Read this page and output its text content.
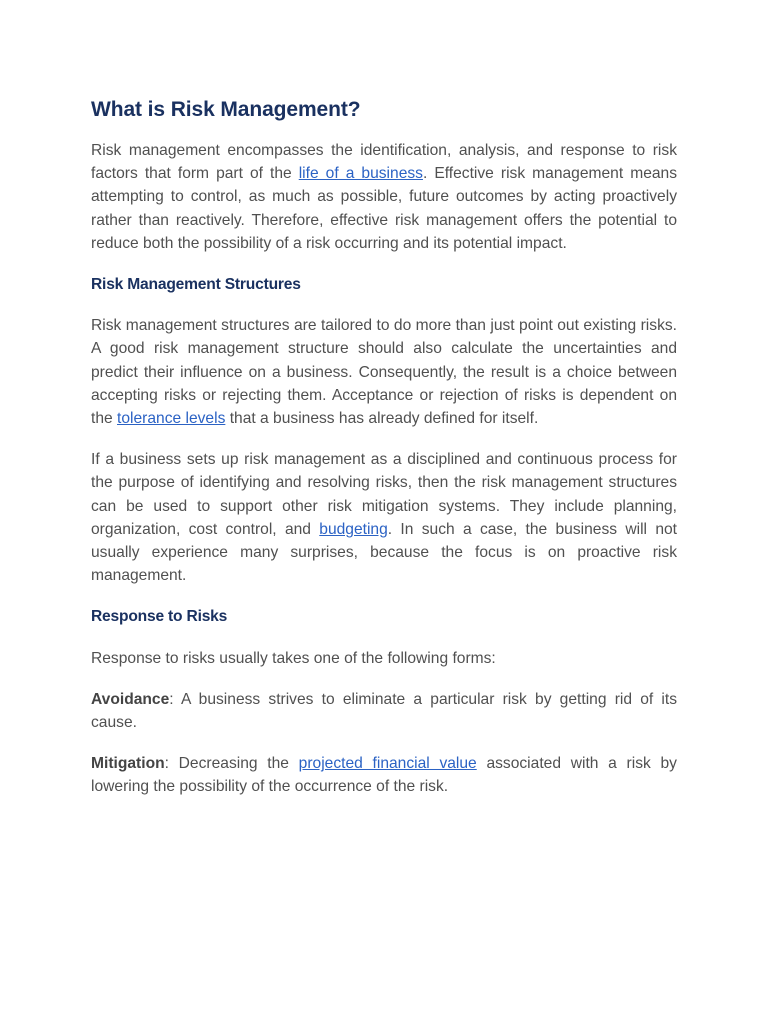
What is Risk Management?

Risk management encompasses the identification, analysis, and response to risk factors that form part of the life of a business. Effective risk management means attempting to control, as much as possible, future outcomes by acting proactively rather than reactively. Therefore, effective risk management offers the potential to reduce both the possibility of a risk occurring and its potential impact.

Risk Management Structures

Risk management structures are tailored to do more than just point out existing risks. A good risk management structure should also calculate the uncertainties and predict their influence on a business. Consequently, the result is a choice between accepting risks or rejecting them. Acceptance or rejection of risks is dependent on the tolerance levels that a business has already defined for itself.

If a business sets up risk management as a disciplined and continuous process for the purpose of identifying and resolving risks, then the risk management structures can be used to support other risk mitigation systems. They include planning, organization, cost control, and budgeting. In such a case, the business will not usually experience many surprises, because the focus is on proactive risk management.

Response to Risks

Response to risks usually takes one of the following forms:

Avoidance: A business strives to eliminate a particular risk by getting rid of its cause.

Mitigation: Decreasing the projected financial value associated with a risk by lowering the possibility of the occurrence of the risk.
